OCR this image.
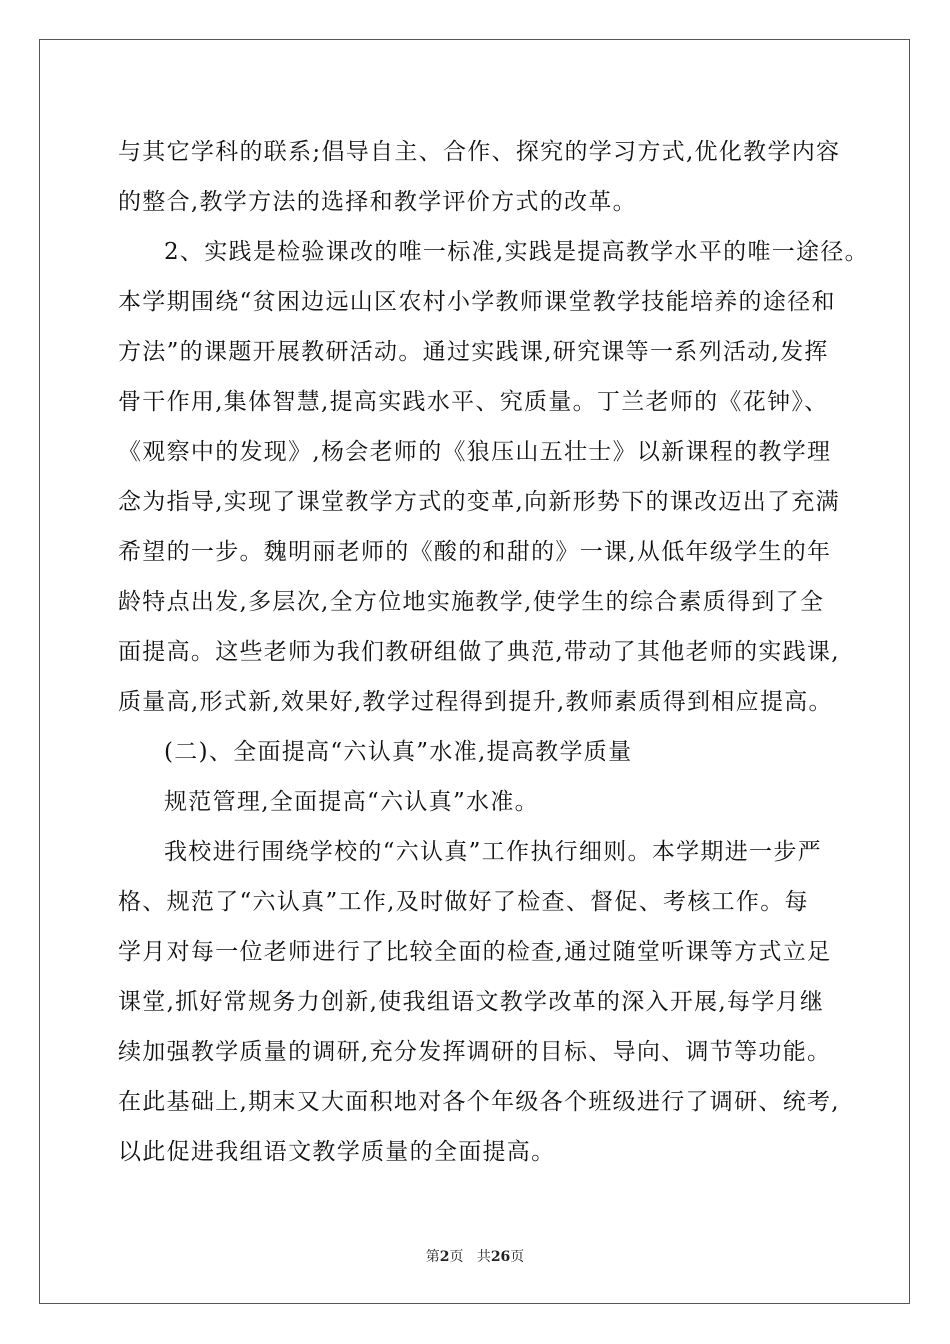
与其它学科的联系;倡导自主、合作、探究的学习方式,优化教学内容
的整合,教学方法的选择和教学评价方式的改革。
2、实践是检验课改的唯一标准,实践是提高教学水平的唯一途径。
本学期围绕“贫困边远山区农村小学教师课堂教学技能培养的途径和
方法”的课题开展教研活动。通过实践课,研究课等一系列活动,发挥
骨干作用,集体智慧,提高实践水平、究质量。丁兰老师的《花钟》、
《观察中的发现》,杨会老师的《狼压山五壮士》以新课程的教学理
念为指导,实现了课堂教学方式的变革,向新形势下的课改迈出了充满
希望的一步。魏明丽老师的《酸的和甜的》一课,从低年级学生的年
龄特点出发,多层次,全方位地实施教学,使学生的综合素质得到了全
面提高。这些老师为我们教研组做了典范,带动了其他老师的实践课,
质量高,形式新,效果好,教学过程得到提升,教师素质得到相应提高。
(二)、全面提高“六认真”水准,提高教学质量
规范管理,全面提高“六认真”水准。
我校进行围绕学校的“六认真”工作执行细则。本学期进一步严
格、规范了“六认真”工作,及时做好了检查、督促、考核工作。每
学月对每一位老师进行了比较全面的检查,通过随堂听课等方式立足
课堂,抓好常规务力创新,使我组语文教学改革的深入开展,每学月继
续加强教学质量的调研,充分发挥调研的目标、导向、调节等功能。
在此基础上,期末又大面积地对各个年级各个班级进行了调研、统考,
以此促进我组语文教学质量的全面提高。
第2页 共26页
